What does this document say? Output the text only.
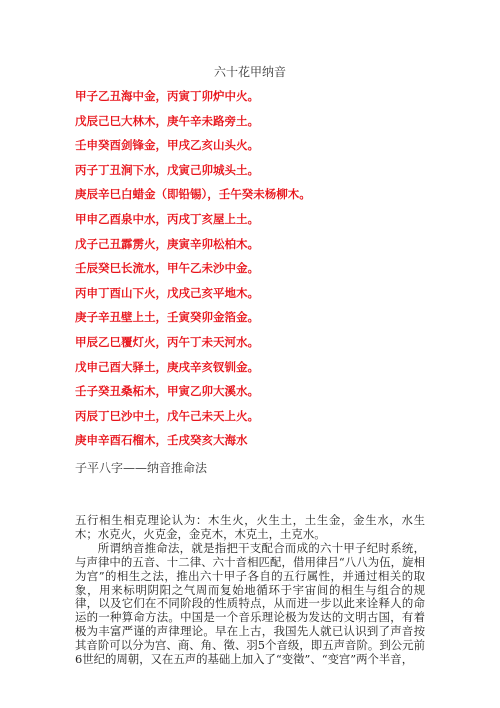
六十花甲纳音
甲子乙丑海中金，丙寅丁卯炉中火。
戊辰己巳大林木，庚午辛未路旁土。
壬申癸酉剑锋金，甲戌乙亥山头火。
丙子丁丑涧下水，戊寅己卯城头土。
庚辰辛巳白蜡金（即铅锡），壬午癸未杨柳木。
甲申乙酉泉中水，丙戌丁亥屋上土。
戊子己丑霹雳火，庚寅辛卯松柏木。
壬辰癸巳长流水，甲午乙未沙中金。
丙申丁酉山下火，戊戌己亥平地木。
庚子辛丑壁上土，壬寅癸卯金箔金。
甲辰乙巳覆灯火，丙午丁未天河水。
戊申己酉大驿土，庚戌辛亥钗钏金。
壬子癸丑桑柘木，甲寅乙卯大溪水。
丙辰丁巳沙中土，戊午己未天上火。
庚申辛酉石榴木，壬戌癸亥大海水
子平八字——纳音推命法

五行相生相克理论认为：木生火，火生土，土生金，金生水，水生木；水克火，火克金，金克木，木克土，土克水。

所谓纳音推命法，就是指把干支配合而成的六十甲子纪时系统，与声律中的五音、十二律、六十音相匹配，借用律吕“八八为伍，旋相为宫”的相生之法，推出六十甲子各自的五行属性，并通过相关的取象，用来标明阴阳之气周而复始地循环于宇宙间的相生与组合的规律，以及它们在不同阶段的性质特点，从而进一步以此来诠释人的命运的一种算命方法。中国是一个音乐理论极为发达的文明古国，有着极为丰富严谨的声律理论。早在上古，我国先人就已认识到了声音按其音阶可以分为宫、商、角、徵、羽5个音级，即五声音阶。到公元前6世纪的周朝，又在五声的基础上加入了“变徵”、“变宫”两个半音，
